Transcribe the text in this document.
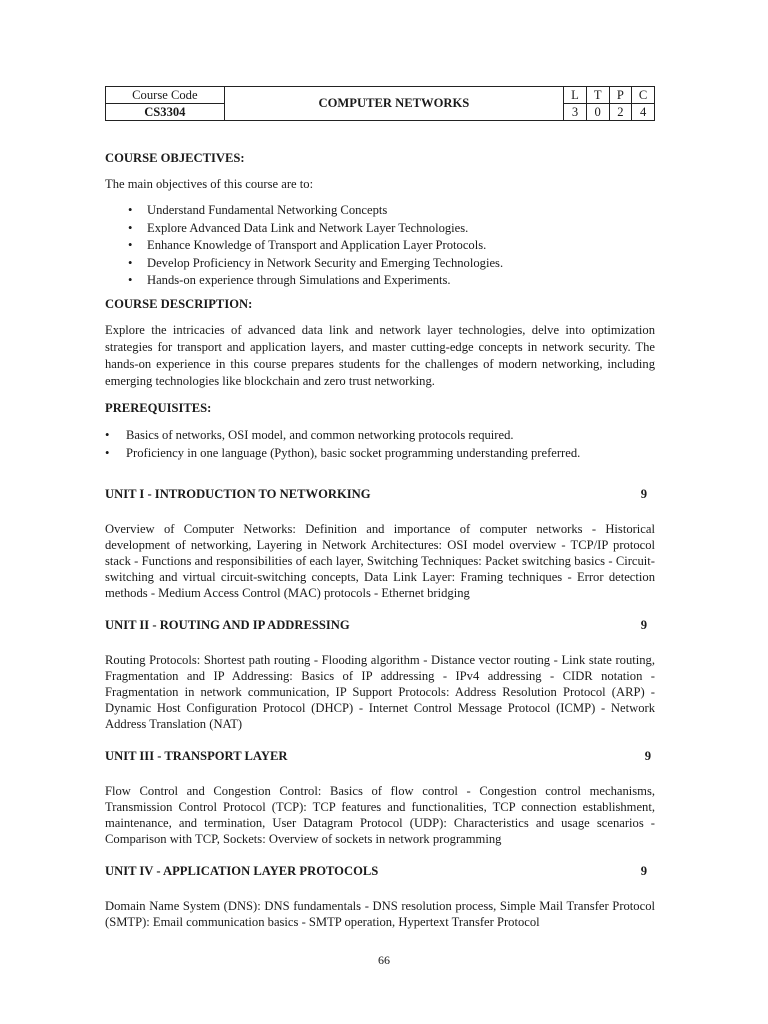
Course Code	COMPUTER NETWORKS	L	T	P	C
CS3304		3	0	2	4
COURSE OBJECTIVES:

The main objectives of this course are to:

• Understand Fundamental Networking Concepts
• Explore Advanced Data Link and Network Layer Technologies.
• Enhance Knowledge of Transport and Application Layer Protocols.
• Develop Proficiency in Network Security and Emerging Technologies.
• Hands-on experience through Simulations and Experiments.
COURSE DESCRIPTION:

Explore the intricacies of advanced data link and network layer technologies, delve into optimization strategies for transport and application layers, and master cutting-edge concepts in network security. The hands-on experience in this course prepares students for the challenges of modern networking, including emerging technologies like blockchain and zero trust networking.

PREREQUISITES:
• Basics of networks, OSI model, and common networking protocols required.
• Proficiency in one language (Python), basic socket programming understanding preferred.
UNIT I - INTRODUCTION TO NETWORKING	9

Overview of Computer Networks: Definition and importance of computer networks - Historical development of networking, Layering in Network Architectures: OSI model overview - TCP/IP protocol stack - Functions and responsibilities of each layer, Switching Techniques: Packet switching basics - Circuit-switching and virtual circuit-switching concepts, Data Link Layer: Framing techniques - Error detection methods - Medium Access Control (MAC) protocols - Ethernet bridging

UNIT II - ROUTING AND IP ADDRESSING	9

Routing Protocols: Shortest path routing - Flooding algorithm - Distance vector routing - Link state routing, Fragmentation and IP Addressing: Basics of IP addressing - IPv4 addressing - CIDR notation - Fragmentation in network communication, IP Support Protocols: Address Resolution Protocol (ARP) - Dynamic Host Configuration Protocol (DHCP) - Internet Control Message Protocol (ICMP) - Network Address Translation (NAT)

UNIT III - TRANSPORT LAYER	9

Flow Control and Congestion Control: Basics of flow control - Congestion control mechanisms, Transmission Control Protocol (TCP): TCP features and functionalities, TCP connection establishment, maintenance, and termination, User Datagram Protocol (UDP): Characteristics and usage scenarios - Comparison with TCP, Sockets: Overview of sockets in network programming

UNIT IV - APPLICATION LAYER PROTOCOLS	9

Domain Name System (DNS): DNS fundamentals - DNS resolution process, Simple Mail Transfer Protocol (SMTP): Email communication basics - SMTP operation, Hypertext Transfer Protocol

66
